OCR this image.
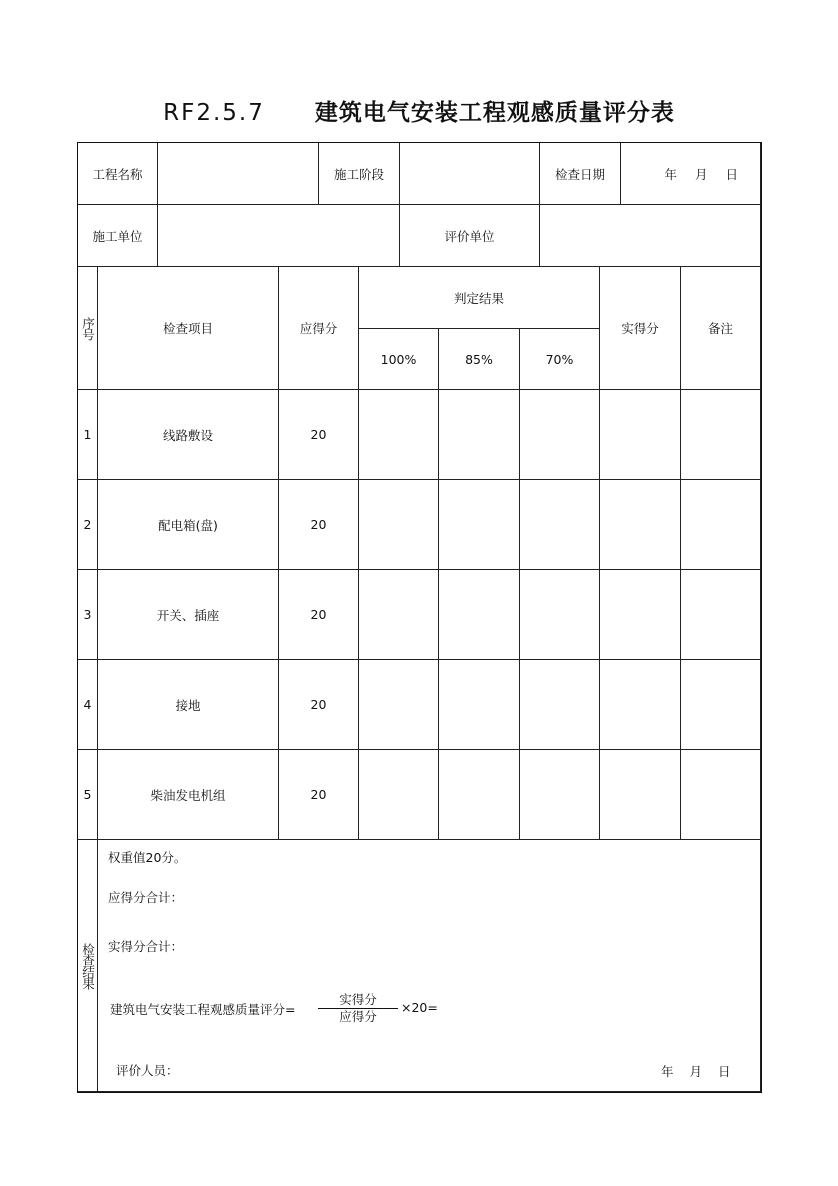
RF2.5.7 建筑电气安装工程观感质量评分表
工程名称	施工阶段	检查日期	年 月 日
施工单位	评价单位
序号	检查项目	应得分
判定结果
100%	85%	70%
实得分	备注
1	线路敷设	20
2	配电箱(盘)	20
3	开关、插座	20
4	接地	20
5	柴油发电机组	20
检查结果
权重值20分。
应得分合计：
实得分合计：
建筑电气安装工程观感质量评分=
实得分
应得分
×20=
评价人员：	年 月 日
